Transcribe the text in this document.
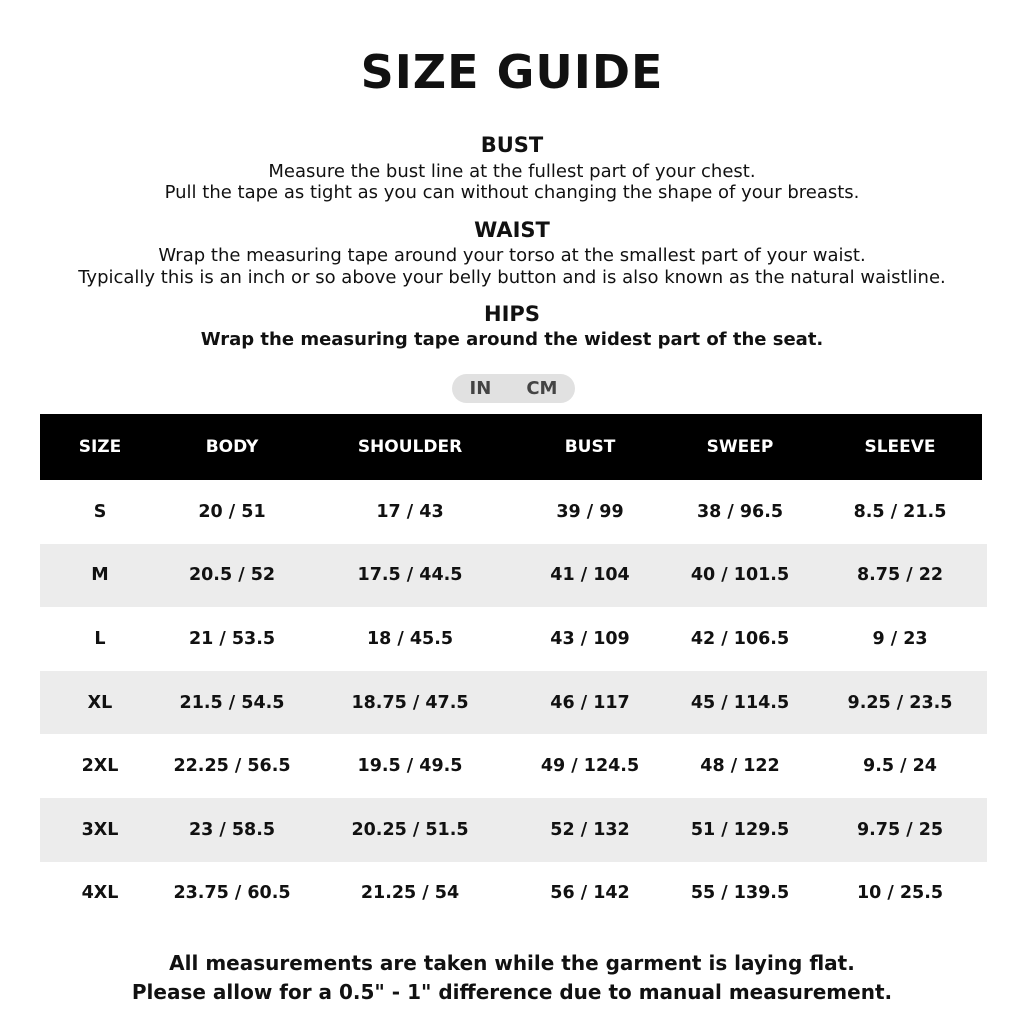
SIZE GUIDE
BUST
Measure the bust line at the fullest part of your chest.
Pull the tape as tight as you can without changing the shape of your breasts.
WAIST
Wrap the measuring tape around your torso at the smallest part of your waist.
Typically this is an inch or so above your belly button and is also known as the natural waistline.
HIPS
Wrap the measuring tape around the widest part of the seat.
IN	CM
SIZE	BODY	SHOULDER	BUST	SWEEP	SLEEVE
S	20 / 51	17 / 43	39 / 99	38 / 96.5	8.5 / 21.5
M	20.5 / 52	17.5 / 44.5	41 / 104	40 / 101.5	8.75 / 22
L	21 / 53.5	18 / 45.5	43 / 109	42 / 106.5	9 / 23
XL	21.5 / 54.5	18.75 / 47.5	46 / 117	45 / 114.5	9.25 / 23.5
2XL	22.25 / 56.5	19.5 / 49.5	49 / 124.5	48 / 122	9.5 / 24
3XL	23 / 58.5	20.25 / 51.5	52 / 132	51 / 129.5	9.75 / 25
4XL	23.75 / 60.5	21.25 / 54	56 / 142	55 / 139.5	10 / 25.5
All measurements are taken while the garment is laying flat.
Please allow for a 0.5" - 1" difference due to manual measurement.
